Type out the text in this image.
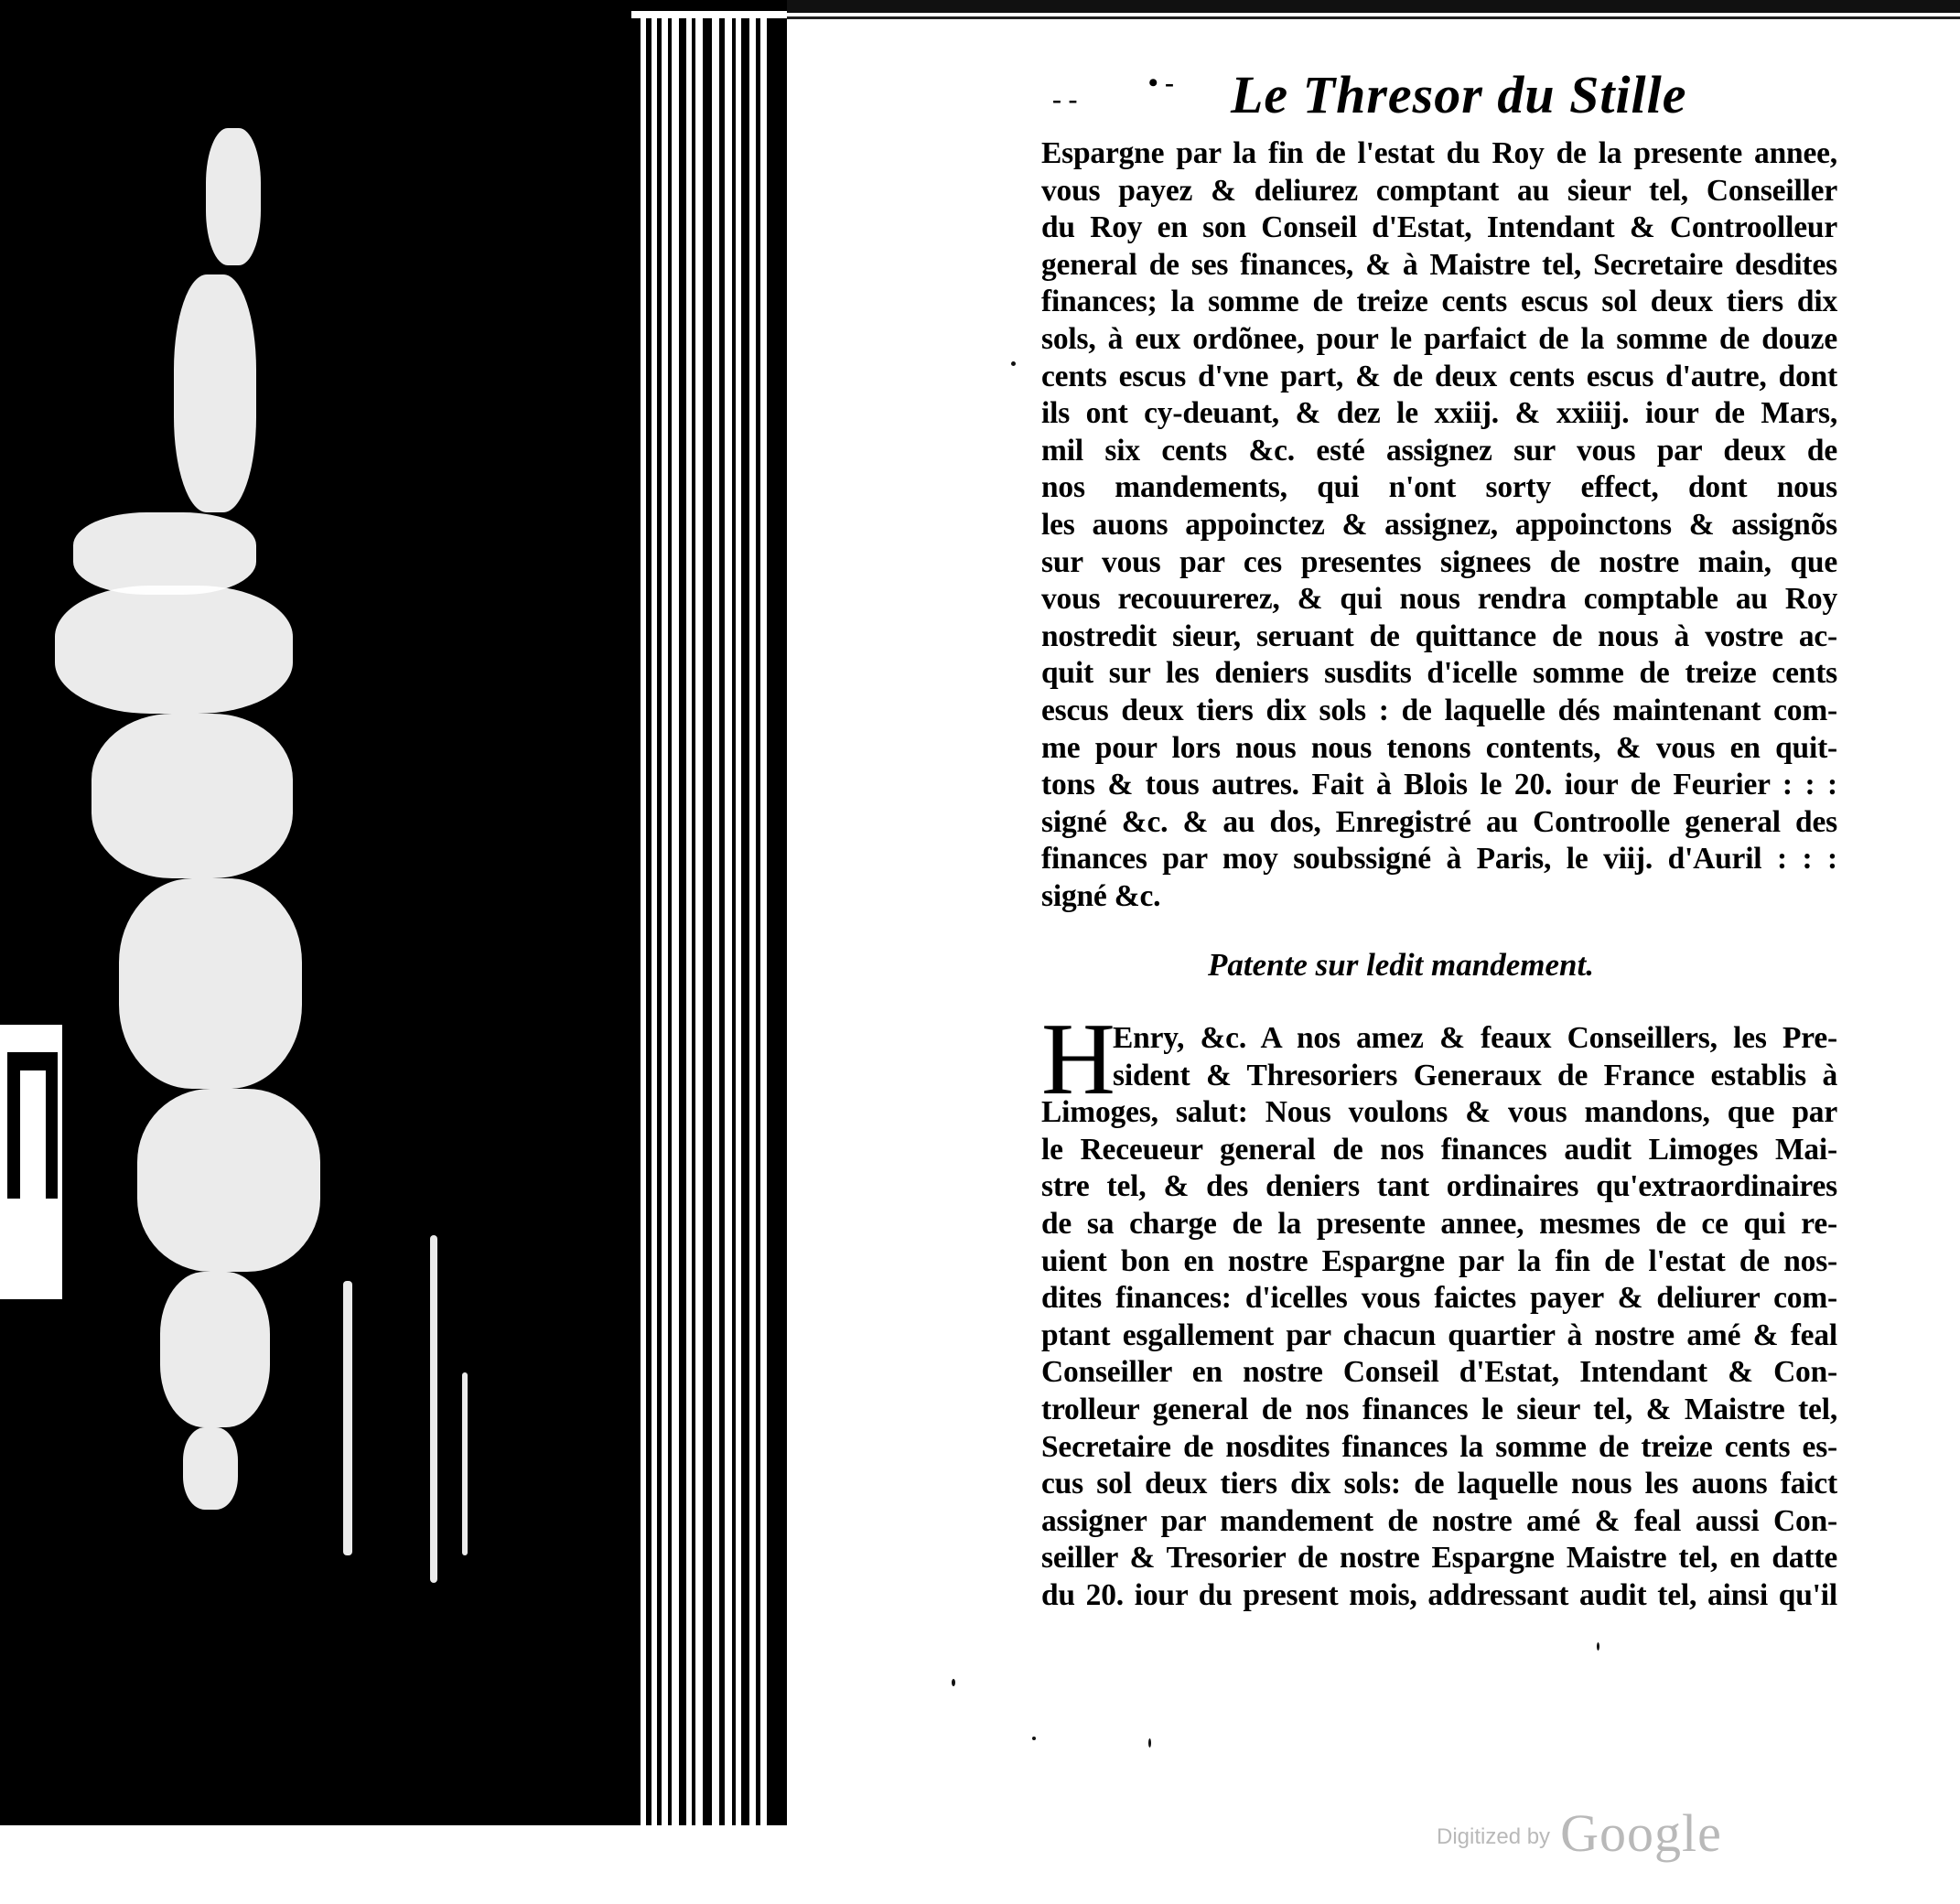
- -
• - Le Thresor du Stille
Espargne par la fin de l'estat du Roy de la presente annee,
vous payez & deliurez comptant au sieur tel, Conseiller
du Roy en son Conseil d'Estat, Intendant & Controolleur
general de ses finances, & à Maistre tel, Secretaire desdites
finances; la somme de treize cents escus sol deux tiers dix
sols, à eux ordõnee, pour le parfaict de la somme de douze
cents escus d'vne part, & de deux cents escus d'autre, dont
ils ont cy-deuant, & dez le xxiij. & xxiiij. iour de Mars,
mil six cents &c. esté assignez sur vous par deux de
nos mandements, qui n'ont sorty effect, dont nous
les auons appoinctez & assignez, appoinctons & assignõs
sur vous par ces presentes signees de nostre main, que
vous recouurerez, & qui nous rendra comptable au Roy
nostredit sieur, seruant de quittance de nous à vostre ac-
quit sur les deniers susdits d'icelle somme de treize cents
escus deux tiers dix sols : de laquelle dés maintenant com-
me pour lors nous nous tenons contents, & vous en quit-
tons & tous autres. Fait à Blois le 20. iour de Feurier : : :
signé &c. & au dos, Enregistré au Controolle general des
finances par moy soubssigné à Paris, le viij. d'Auril : : :
signé &c.
Patente sur ledit mandement.
H
Enry, &c. A nos amez & feaux Conseillers, les Pre-
sident & Thresoriers Generaux de France establis à
Limoges, salut: Nous voulons & vous mandons, que par
le Receueur general de nos finances audit Limoges Mai-
stre tel, & des deniers tant ordinaires qu'extraordinaires
de sa charge de la presente annee, mesmes de ce qui re-
uient bon en nostre Espargne par la fin de l'estat de nos-
dites finances: d'icelles vous faictes payer & deliurer com-
ptant esgallement par chacun quartier à nostre amé & feal
Conseiller en nostre Conseil d'Estat, Intendant & Con-
trolleur general de nos finances le sieur tel, & Maistre tel,
Secretaire de nosdites finances la somme de treize cents es-
cus sol deux tiers dix sols: de laquelle nous les auons faict
assigner par mandement de nostre amé & feal aussi Con-
seiller & Tresorier de nostre Espargne Maistre tel, en datte
du 20. iour du present mois, addressant audit tel, ainsi qu'il
Digitized by Google
